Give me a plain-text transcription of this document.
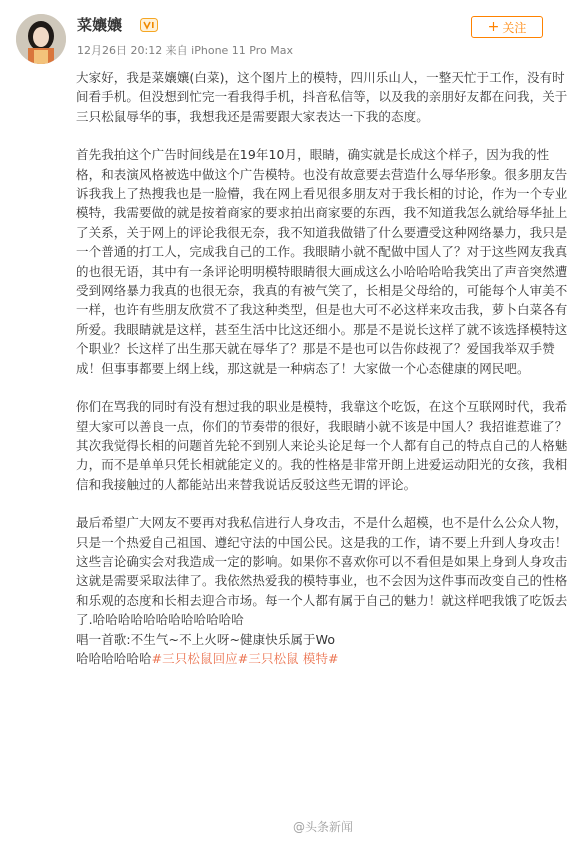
菜孃孃
12月26日 20:12 来自 iPhone 11 Pro Max
+ 关注

大家好，我是菜孃孃(白菜)，这个图片上的模特，四川乐山人，一整天忙于工作，没有时间看手机。但没想到忙完一看我得手机，抖音私信等，以及我的亲朋好友都在问我，关于三只松鼠辱华的事，我想我还是需要跟大家表达一下我的态度。

首先我拍这个广告时间线是在19年10月，眼睛，确实就是长成这个样子，因为我的性格，和表演风格被选中做这个广告模特。也没有故意要去营造什么辱华形象。很多朋友告诉我我上了热搜我也是一脸懵，我在网上看见很多朋友对于我长相的讨论，作为一个专业模特，我需要做的就是按着商家的要求拍出商家要的东西，我不知道我怎么就给辱华扯上了关系，关于网上的评论我很无奈，我不知道我做错了什么要遭受这种网络暴力，我只是一个普通的打工人，完成我自己的工作。我眼睛小就不配做中国人了？对于这些网友我真的也很无语，其中有一条评论明明模特眼睛很大画成这么小哈哈哈哈我笑出了声音突然遭受到网络暴力我真的也很无奈，我真的有被气笑了，长相是父母给的，可能每个人审美不一样，也许有些朋友欣赏不了我这种类型，但是也大可不必这样来攻击我，萝卜白菜各有所爱。我眼睛就是这样，甚至生活中比这还细小。那是不是说长这样了就不该选择模特这个职业？长这样了出生那天就在辱华了？那是不是也可以告你歧视了？爱国我举双手赞成！但事事都要上纲上线，那这就是一种病态了！大家做一个心态健康的网民吧。

你们在骂我的同时有没有想过我的职业是模特，我靠这个吃饭，在这个互联网时代，我希望大家可以善良一点，你们的节奏带的很好，我眼睛小就不该是中国人？我招谁惹谁了？

其次我觉得长相的问题首先轮不到别人来论头论足每一个人都有自己的特点自己的人格魅力，而不是单单只凭长相就能定义的。我的性格是非常开朗上进爱运动阳光的女孩，我相信和我接触过的人都能站出来替我说话反驳这些无谓的评论。

最后希望广大网友不要再对我私信进行人身攻击，不是什么超模，也不是什么公众人物，只是一个热爱自己祖国、遵纪守法的中国公民。这是我的工作，请不要上升到人身攻击！这些言论确实会对我造成一定的影响。如果你不喜欢你可以不看但是如果上身到人身攻击这就是需要采取法律了。我依然热爱我的模特事业，也不会因为这件事而改变自己的性格和乐观的态度和长相去迎合市场。每一个人都有属于自己的魅力！就这样吧我饿了吃饭去了.哈哈哈哈哈哈哈哈哈哈哈哈

唱一首歌:不生气~不上火呀~健康快乐属于Wo

哈哈哈哈哈哈#三只松鼠回应#三只松鼠 模特#

@头条新闻
